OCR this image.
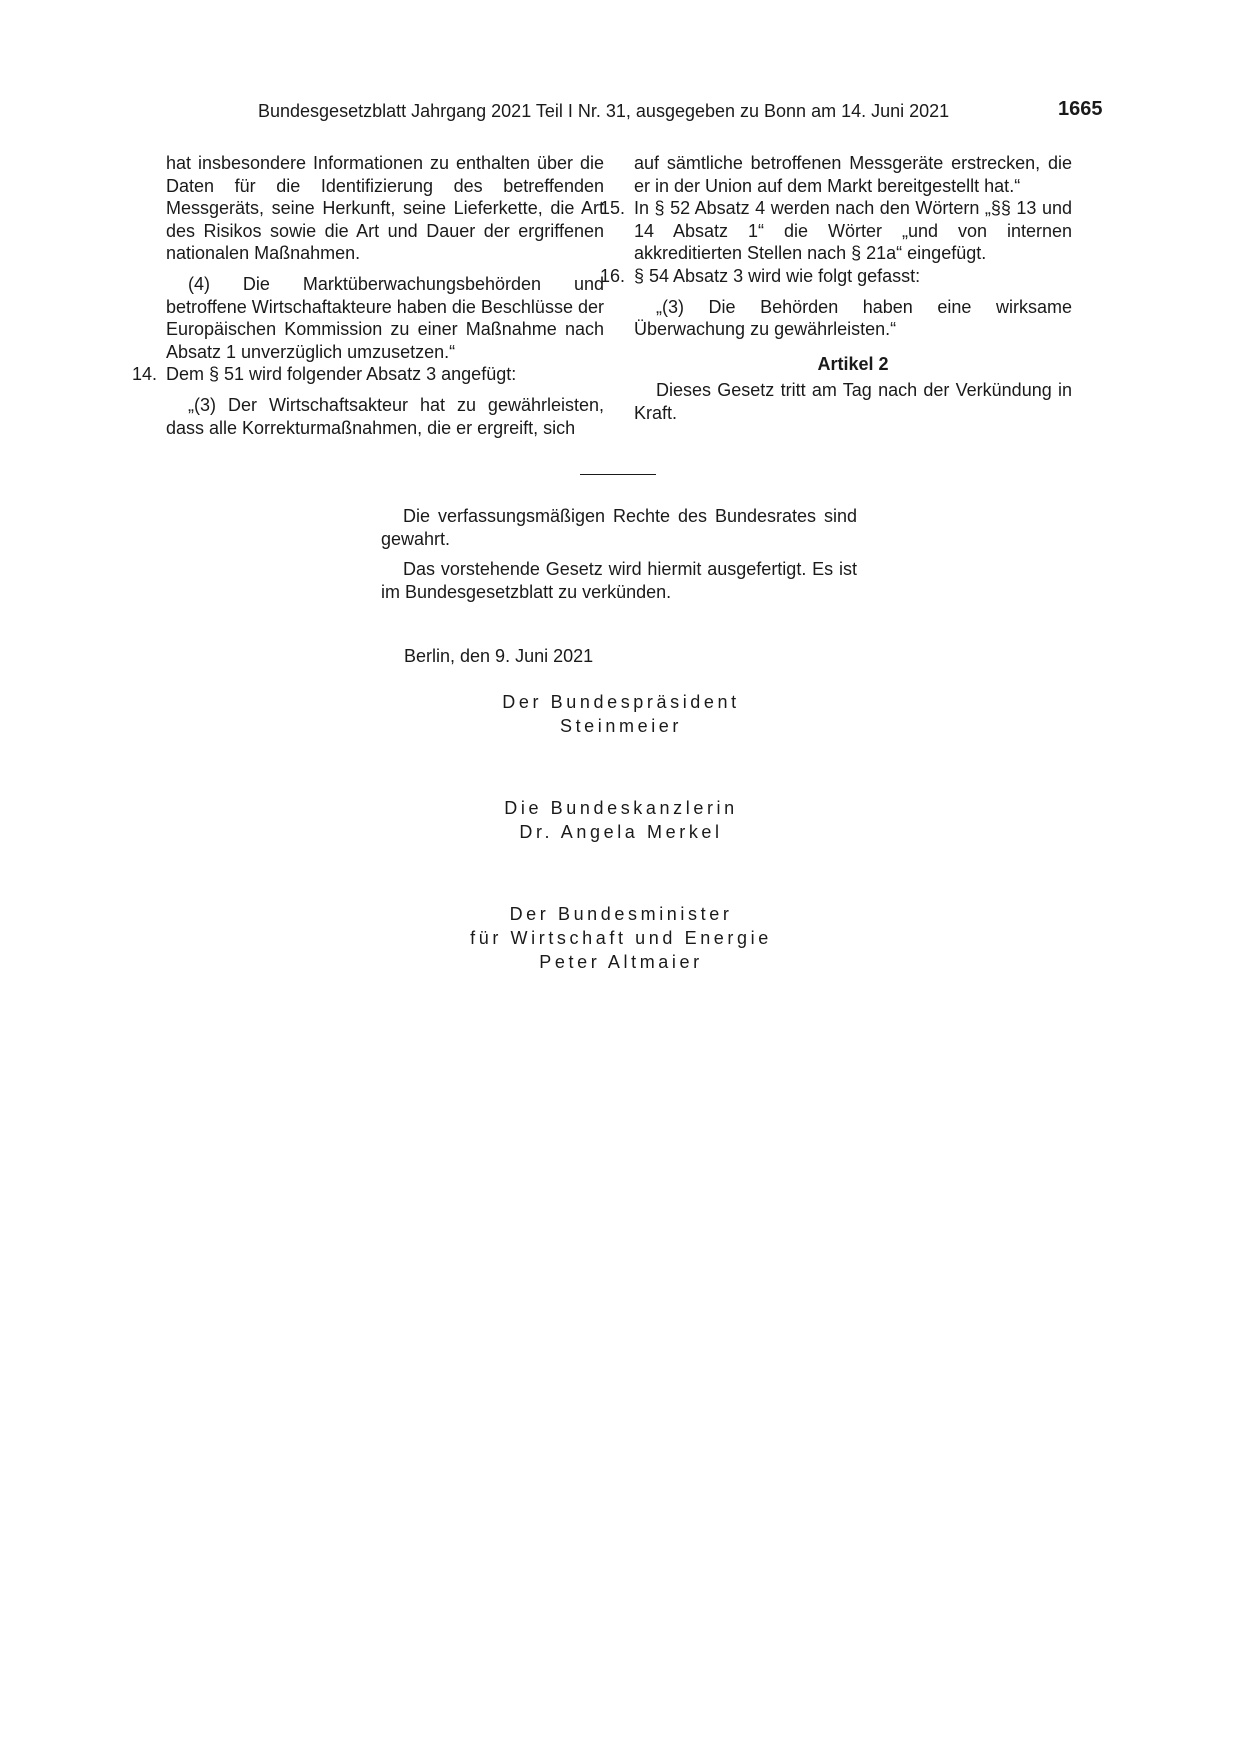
Bundesgesetzblatt Jahrgang 2021 Teil I Nr. 31, ausgegeben zu Bonn am 14. Juni 2021	1665

hat insbesondere Informationen zu enthalten über die Daten für die Identifizierung des betreffenden Messgeräts, seine Herkunft, seine Lieferkette, die Art des Risikos sowie die Art und Dauer der ergriffenen nationalen Maßnahmen.

(4) Die Marktüberwachungsbehörden und betroffene Wirtschaftakteure haben die Beschlüsse der Europäischen Kommission zu einer Maßnahme nach Absatz 1 unverzüglich umzusetzen.“

14. Dem § 51 wird folgender Absatz 3 angefügt:

„(3) Der Wirtschaftsakteur hat zu gewährleisten, dass alle Korrekturmaßnahmen, die er ergreift, sich

auf sämtliche betroffenen Messgeräte erstrecken, die er in der Union auf dem Markt bereitgestellt hat.“

15. In § 52 Absatz 4 werden nach den Wörtern „§§ 13 und 14 Absatz 1“ die Wörter „und von internen akkreditierten Stellen nach § 21a“ eingefügt.
16. § 54 Absatz 3 wird wie folgt gefasst:

„(3) Die Behörden haben eine wirksame Überwachung zu gewährleisten.“

Artikel 2

Dieses Gesetz tritt am Tag nach der Verkündung in Kraft.

Die verfassungsmäßigen Rechte des Bundesrates sind gewahrt.

Das vorstehende Gesetz wird hiermit ausgefertigt. Es ist im Bundesgesetzblatt zu verkünden.

Berlin, den 9. Juni 2021
Der Bundespräsident
Steinmeier
Die Bundeskanzlerin
Dr. Angela Merkel
Der Bundesminister
für Wirtschaft und Energie
Peter Altmaier
